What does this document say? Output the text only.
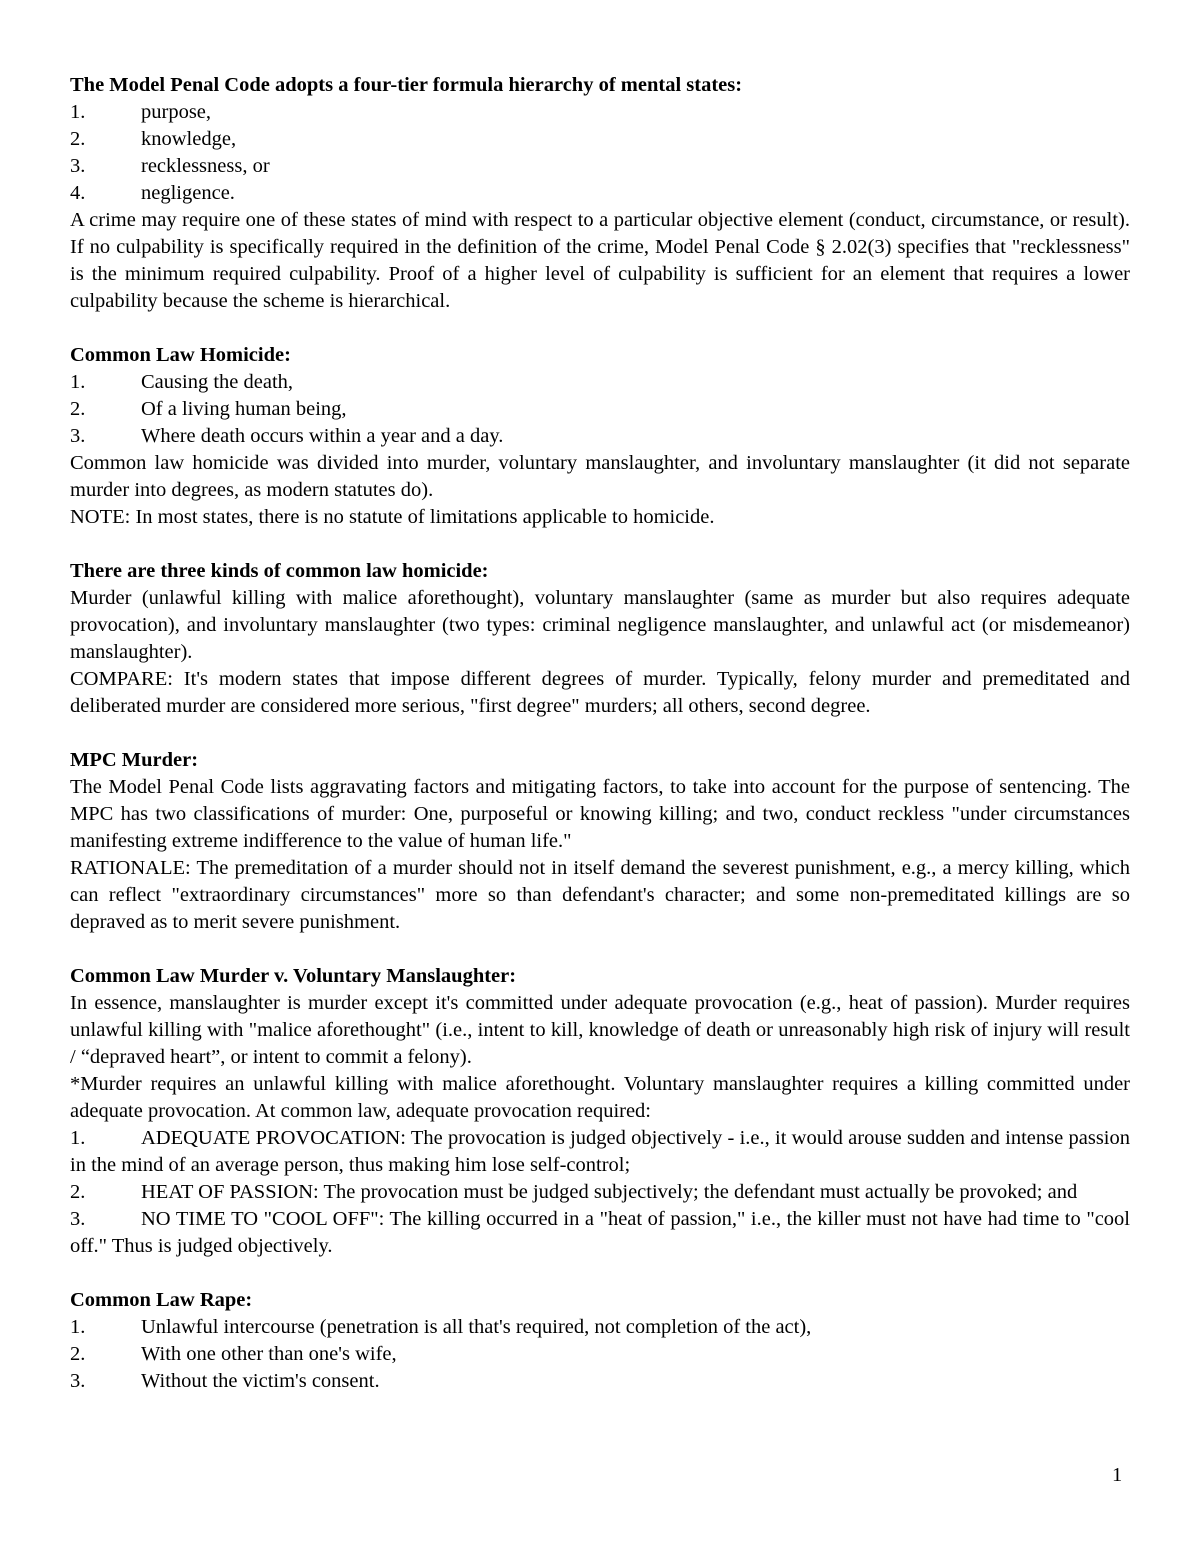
The Model Penal Code adopts a four-tier formula hierarchy of mental states:

1.	purpose,

2.	knowledge,

3.	recklessness, or

4.	negligence.

A crime may require one of these states of mind with respect to a particular objective element (conduct, circumstance, or result). If no culpability is specifically required in the definition of the crime, Model Penal Code § 2.02(3) specifies that "recklessness" is the minimum required culpability. Proof of a higher level of culpability is sufficient for an element that requires a lower culpability because the scheme is hierarchical.

Common Law Homicide:

1.	Causing the death,

2.	Of a living human being,

3.	Where death occurs within a year and a day.

Common law homicide was divided into murder, voluntary manslaughter, and involuntary manslaughter (it did not separate murder into degrees, as modern statutes do).

NOTE: In most states, there is no statute of limitations applicable to homicide.

There are three kinds of common law homicide:

Murder (unlawful killing with malice aforethought), voluntary manslaughter (same as murder but also requires adequate provocation), and involuntary manslaughter (two types: criminal negligence manslaughter, and unlawful act (or misdemeanor) manslaughter).

COMPARE: It's modern states that impose different degrees of murder. Typically, felony murder and premeditated and deliberated murder are considered more serious, "first degree" murders; all others, second degree.

MPC Murder:

The Model Penal Code lists aggravating factors and mitigating factors, to take into account for the purpose of sentencing. The MPC has two classifications of murder: One, purposeful or knowing killing; and two, conduct reckless "under circumstances manifesting extreme indifference to the value of human life."

RATIONALE: The premeditation of a murder should not in itself demand the severest punishment, e.g., a mercy killing, which can reflect "extraordinary circumstances" more so than defendant's character; and some non-premeditated killings are so depraved as to merit severe punishment.

Common Law Murder v. Voluntary Manslaughter:

In essence, manslaughter is murder except it's committed under adequate provocation (e.g., heat of passion). Murder requires unlawful killing with "malice aforethought" (i.e., intent to kill, knowledge of death or unreasonably high risk of injury will result / “depraved heart”, or intent to commit a felony).

*Murder requires an unlawful killing with malice aforethought. Voluntary manslaughter requires a killing committed under adequate provocation. At common law, adequate provocation required:

1.	ADEQUATE PROVOCATION: The provocation is judged objectively - i.e., it would arouse sudden and intense passion in the mind of an average person, thus making him lose self-control;

2.	HEAT OF PASSION: The provocation must be judged subjectively; the defendant must actually be provoked; and

3.	NO TIME TO "COOL OFF": The killing occurred in a "heat of passion," i.e., the killer must not have had time to "cool off." Thus is judged objectively.

Common Law Rape:

1.	Unlawful intercourse (penetration is all that's required, not completion of the act),

2.	With one other than one's wife,

3.	Without the victim's consent.

1
